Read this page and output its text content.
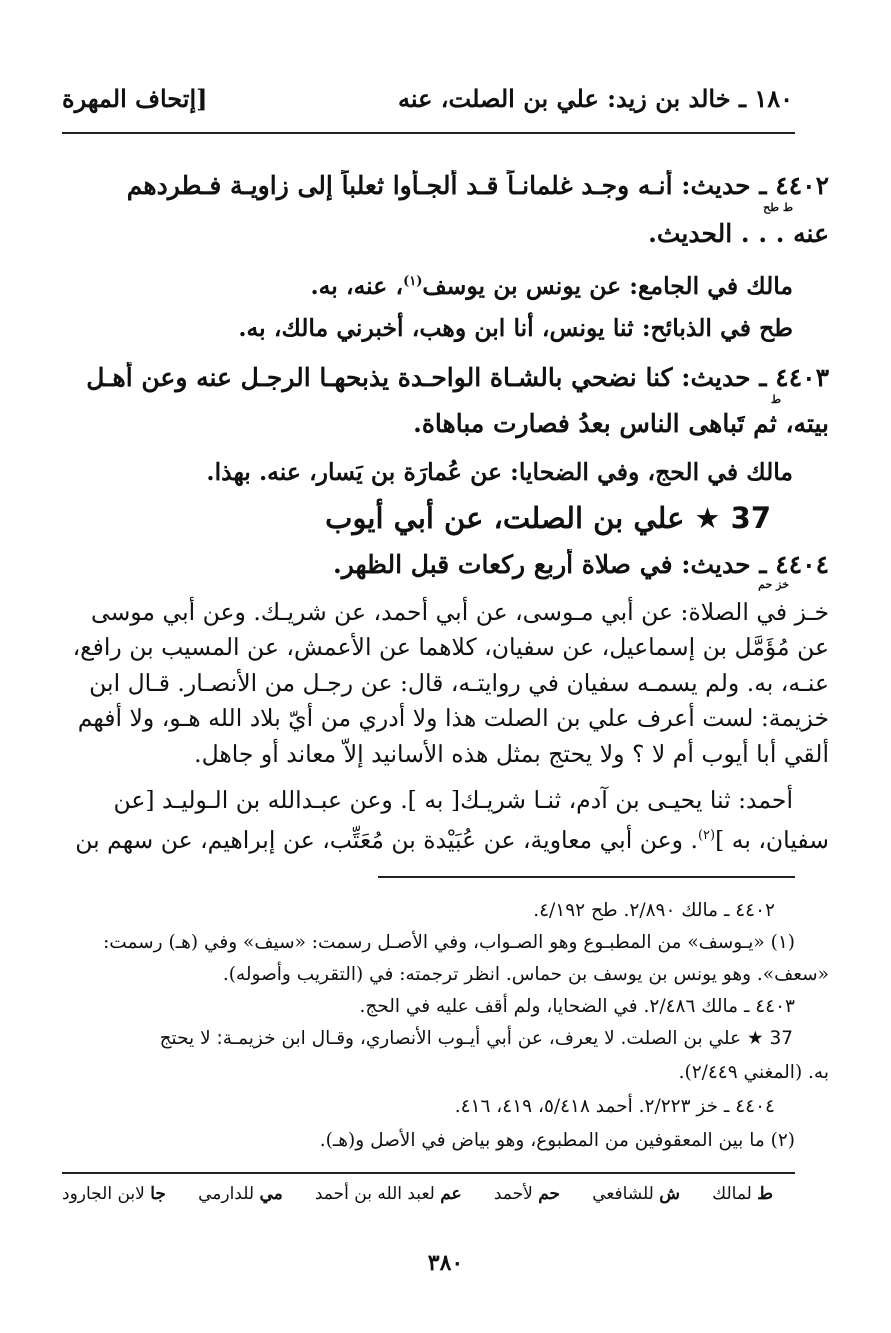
١٨٠ ـ خالد بن زيد: علي بن الصلت، عنه
[إتحاف المهرة
٤٤٠٢ ـ حديث: أنـه وجـد غلمانـاً قـد ألجـأوا ثعلباً إلى زاويـة فـطردهم
ط طح
عنه . . . الحديث.
مالك في الجامع: عن يونس بن يوسف$^{(١)}$، عنه، به.
طح في الذبائح: ثنا يونس، أنا ابن وهب، أخبرني مالك، به.
٤٤٠٣ ـ حديث: كنا نضحي بالشـاة الواحـدة يذبحهـا الرجـل عنه وعن أهـل
ط
بيته، ثم تَباهى الناس بعدُ فصارت مباهاة.
مالك في الحج، وفي الضحايا: عن عُمارَة بن يَسار، عنه. بهذا.
37 ★ علي بن الصلت، عن أبي أيوب
٤٤٠٤ ـ حديث: في صلاة أربع ركعات قبل الظهر.
خز حم
خـز في الصلاة: عن أبي مـوسى، عن أبي أحمد، عن شريـك. وعن أبي موسى
عن مُؤَمَّل بن إسماعيل، عن سفيان، كلاهما عن الأعمش، عن المسيب بن رافع،
عنـه، به. ولم يسمـه سفيان في روايتـه، قال: عن رجـل من الأنصـار. قـال ابن
خزيمة: لست أعرف علي بن الصلت هذا ولا أدري من أيّ بلاد الله هـو، ولا أفهم
ألقي أبا أيوب أم لا ؟ ولا يحتج بمثل هذه الأسانيد إلاّ معاند أو جاهل.
أحمد: ثنا يحيـى بن آدم، ثنـا شريـك[ به ]. وعن عبـدالله بن الـوليـد [عن
سفيان، به ]$^{(٢)}$. وعن أبي معاوية، عن عُبَيْدة بن مُعَتِّب، عن إبراهيم، عن سهم بن
٤٤٠٢ ـ مالك ٢/٨٩٠. طح ٤/١٩٢.
(١) «يـوسف» من المطبـوع وهو الصـواب، وفي الأصـل رسمت: «سيف» وفي (هـ) رسمت:
«سعف». وهو يونس بن يوسف بن حماس. انظر ترجمته: في (التقريب وأصوله).
٤٤٠٣ ـ مالك ٢/٤٨٦. في الضحايا، ولم أقف عليه في الحج.
37 ★ علي بن الصلت. لا يعرف، عن أبي أيـوب الأنصاري، وقـال ابن خزيمـة: لا يحتج
به. (المغني ٢/٤٤٩).
٤٤٠٤ ـ خز ٢/٢٢٣. أحمد ٥/٤١٨، ٤١٩، ٤١٦.
(٢) ما بين المعقوفين من المطبوع، وهو بياض في الأصل و(هـ).
ط لمالك
ش للشافعي
حم لأحمد
عم لعبد الله بن أحمد
مي للدارمي
جا لابن الجارود
٣٨٠
